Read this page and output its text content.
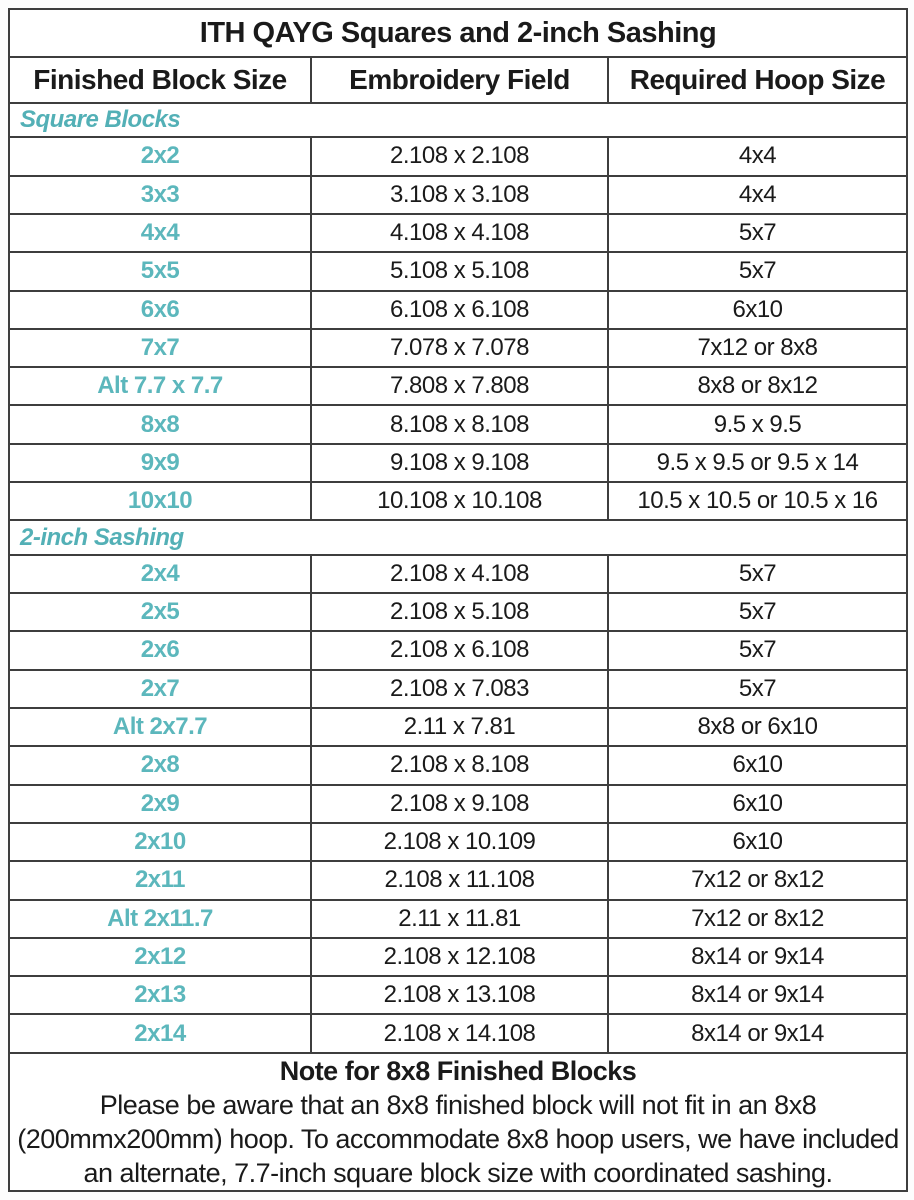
ITH QAYG Squares and 2-inch Sashing		
Finished Block Size	Embroidery Field	Required Hoop Size
Square Blocks		
2x2	2.108 x 2.108	4x4
3x3	3.108 x 3.108	4x4
4x4	4.108 x 4.108	5x7
5x5	5.108 x 5.108	5x7
6x6	6.108 x 6.108	6x10
7x7	7.078 x 7.078	7x12 or 8x8
Alt 7.7 x 7.7	7.808 x 7.808	8x8 or 8x12
8x8	8.108 x 8.108	9.5 x 9.5
9x9	9.108 x 9.108	9.5 x 9.5 or 9.5 x 14
10x10	10.108 x 10.108	10.5 x 10.5 or 10.5 x 16
2-inch Sashing		
2x4	2.108 x 4.108	5x7
2x5	2.108 x 5.108	5x7
2x6	2.108 x 6.108	5x7
2x7	2.108 x 7.083	5x7
Alt 2x7.7	2.11 x 7.81	8x8 or 6x10
2x8	2.108 x 8.108	6x10
2x9	2.108 x 9.108	6x10
2x10	2.108 x 10.109	6x10
2x11	2.108 x 11.108	7x12 or 8x12
Alt 2x11.7	2.11 x 11.81	7x12 or 8x12
2x12	2.108 x 12.108	8x14 or 9x14
2x13	2.108 x 13.108	8x14 or 9x14
2x14	2.108 x 14.108	8x14 or 9x14

Note for 8x8 Finished Blocks
Please be aware that an 8x8 finished block will not fit in an 8x8 (200mmx200mm) hoop. To accommodate 8x8 hoop users, we have included an alternate, 7.7-inch square block size with coordinated sashing.		
